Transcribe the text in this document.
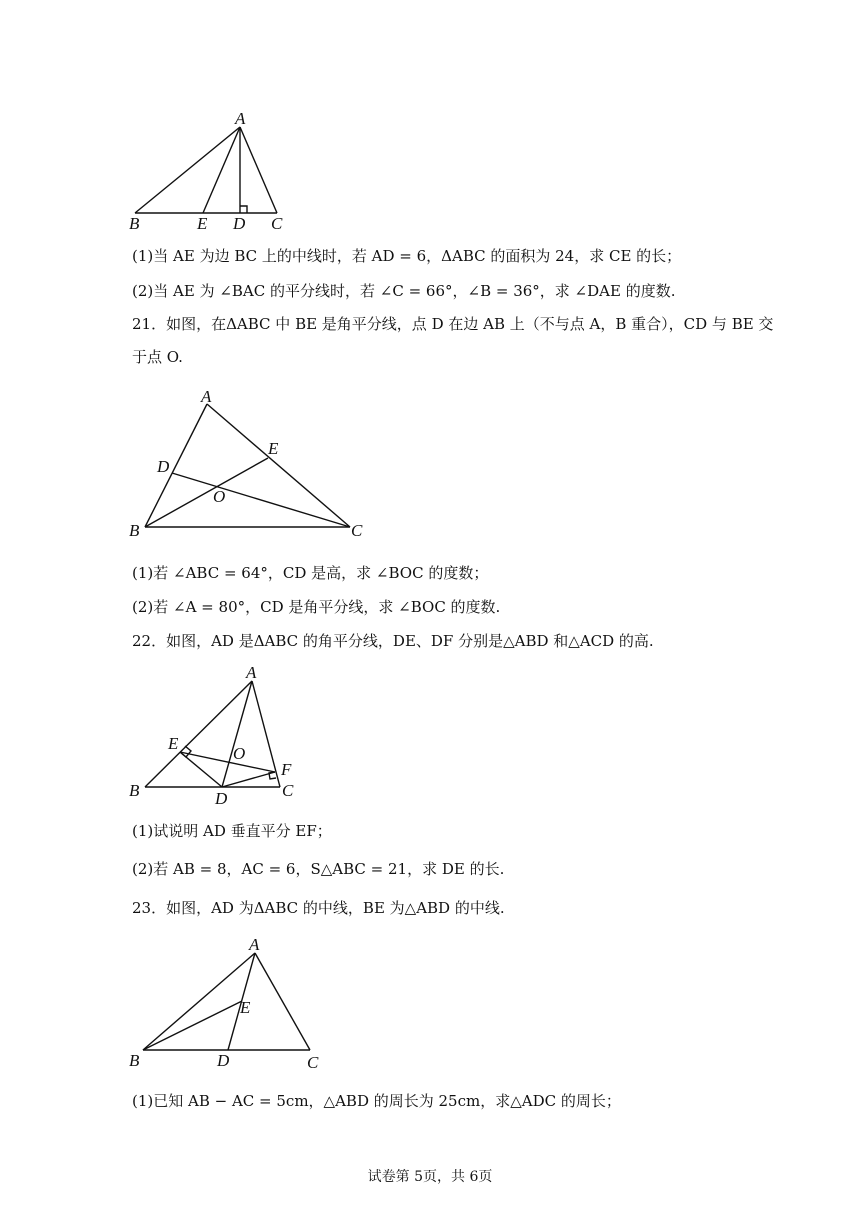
A
B	E D C
(1)当 AE 为边 BC 上的中线时，若 AD = 6，ΔABC 的面积为 24，求 CE 的长；
(2)当 AE 为 ∠BAC 的平分线时，若 ∠C = 66°，∠B = 36°，求 ∠DAE 的度数.
21．如图，在ΔABC 中 BE 是角平分线，点 D 在边 AB 上（不与点 A，B 重合），CD 与 BE 交
于点 O.
A
E
D
O
B	C
(1)若 ∠ABC = 64°，CD 是高，求 ∠BOC 的度数；
(2)若 ∠A = 80°，CD 是角平分线，求 ∠BOC 的度数.
22．如图，AD 是ΔABC 的角平分线，DE、DF 分别是△ABD 和△ACD 的高.
A
E
O
F
B	D	C
(1)试说明 AD 垂直平分 EF；
(2)若 AB = 8，AC = 6，S△ABC = 21，求 DE 的长.
23．如图，AD 为ΔABC 的中线，BE 为△ABD 的中线.
A
E
B	D	C
(1)已知 AB − AC = 5cm，△ABD 的周长为 25cm，求△ADC 的周长；
试卷第 5页，共 6页
